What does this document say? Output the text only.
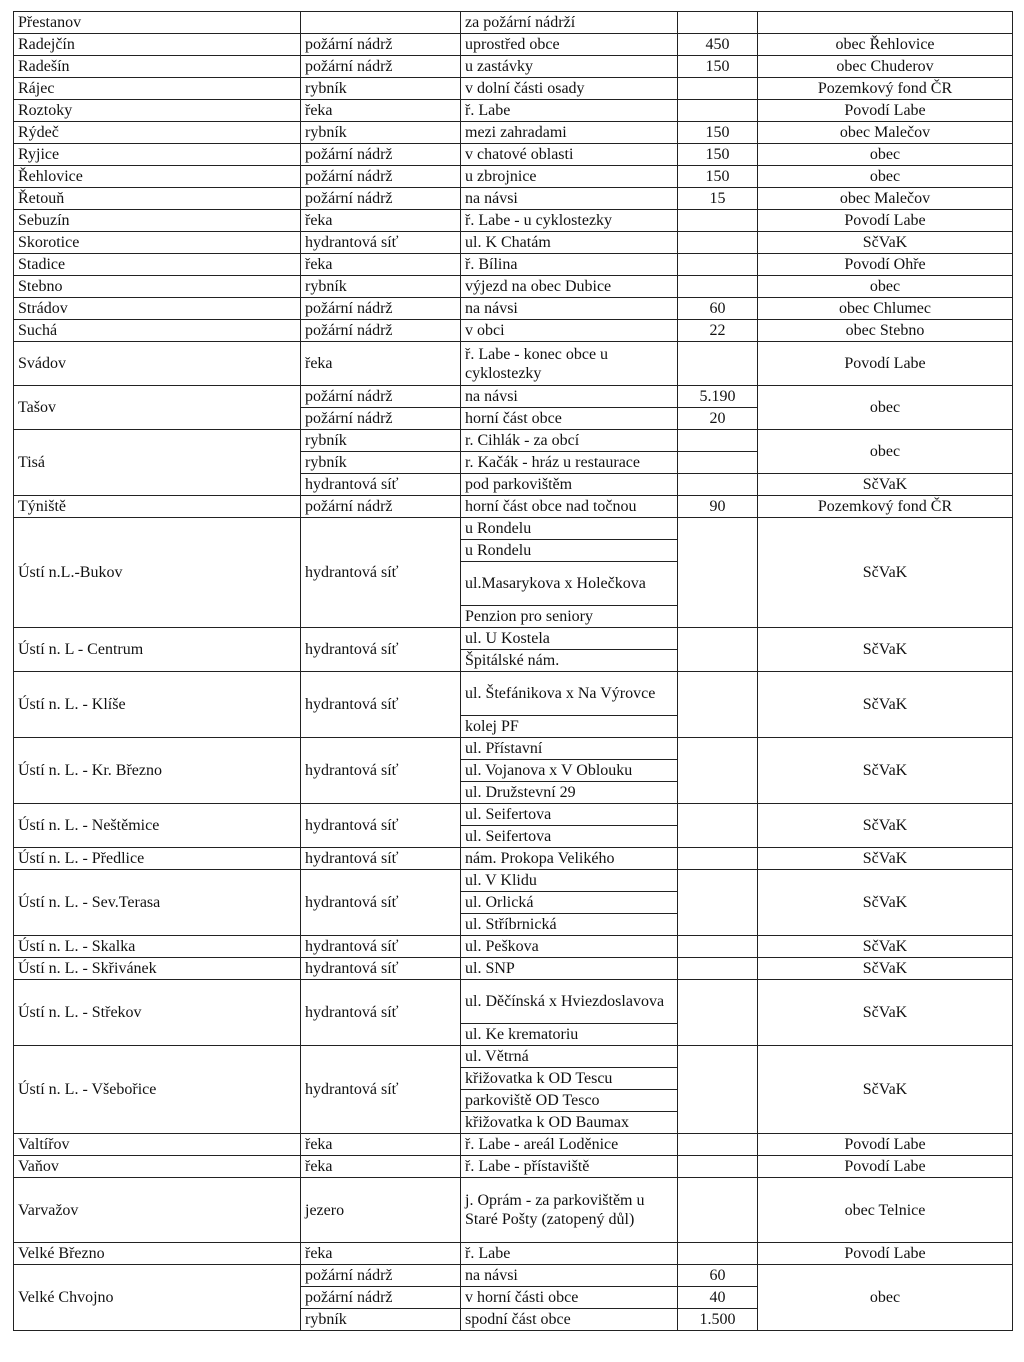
Přestanov		za požární nádrží		
Radejčín	požární nádrž	uprostřed obce	450	obec Řehlovice
Radešín	požární nádrž	u zastávky	150	obec Chuderov
Rájec	rybník	v dolní části osady		Pozemkový fond ČR
Roztoky	řeka	ř. Labe		Povodí Labe
Rýdeč	rybník	mezi zahradami	150	obec Malečov
Ryjice	požární nádrž	v chatové oblasti	150	obec
Řehlovice	požární nádrž	u zbrojnice	150	obec
Řetouň	požární nádrž	na návsi	15	obec Malečov
Sebuzín	řeka	ř. Labe - u cyklostezky		Povodí Labe
Skorotice	hydrantová síť	ul. K Chatám		SčVaK
Stadice	řeka	ř. Bílina		Povodí Ohře
Stebno	rybník	výjezd na obec Dubice		obec
Strádov	požární nádrž	na návsi	60	obec Chlumec
Suchá	požární nádrž	v obci	22	obec Stebno
Svádov	řeka	ř. Labe - konec obce u cyklostezky		Povodí Labe
Tašov	požární nádrž	na návsi	5.190	obec
	požární nádrž	horní část obce	20	
Tisá	rybník	r. Cihlák - za obcí		obec
	rybník	r. Kačák - hráz u restaurace		
	hydrantová síť	pod parkovištěm		SčVaK
Týniště	požární nádrž	horní část obce nad točnou	90	Pozemkový fond ČR
Ústí n.L.-Bukov	hydrantová síť	u Rondelu		SčVaK
		u Rondelu		
		ul.Masarykova x Holečkova		
		Penzion pro seniory		
Ústí n. L - Centrum	hydrantová síť	ul. U Kostela		SčVaK
		Špitálské nám.		
Ústí n. L. - Klíše	hydrantová síť	ul. Štefánikova x Na Výrovce		SčVaK
		kolej PF		
Ústí n. L. - Kr. Březno	hydrantová síť	ul. Přístavní		SčVaK
		ul. Vojanova x V Oblouku		
		ul. Družstevní 29		
Ústí n. L. - Neštěmice	hydrantová síť	ul. Seifertova		SčVaK
		ul. Seifertova		
Ústí n. L. - Předlice	hydrantová síť	nám. Prokopa Velikého		SčVaK
Ústí n. L. - Sev.Terasa	hydrantová síť	ul. V Klidu		SčVaK
		ul. Orlická		
		ul. Stříbrnická		
Ústí n. L. - Skalka	hydrantová síť	ul. Peškova		SčVaK
Ústí n. L. - Skřivánek	hydrantová síť	ul. SNP		SčVaK
Ústí n. L. - Střekov	hydrantová síť	ul. Děčínská x Hviezdoslavova		SčVaK
		ul. Ke krematoriu		
Ústí n. L. - Všebořice	hydrantová síť	ul. Větrná		SčVaK
		křižovatka k OD Tescu		
		parkoviště OD Tesco		
		křižovatka k OD Baumax		
Valtířov	řeka	ř. Labe - areál Loděnice		Povodí Labe
Vaňov	řeka	ř. Labe - přístaviště		Povodí Labe
Varvažov	jezero	j. Oprám - za parkovištěm u Staré Pošty (zatopený důl)		obec Telnice
Velké Březno	řeka	ř. Labe		Povodí Labe
Velké Chvojno	požární nádrž	na návsi	60	obec
	požární nádrž	v horní části obce	40	
	rybník	spodní část obce	1.500	
